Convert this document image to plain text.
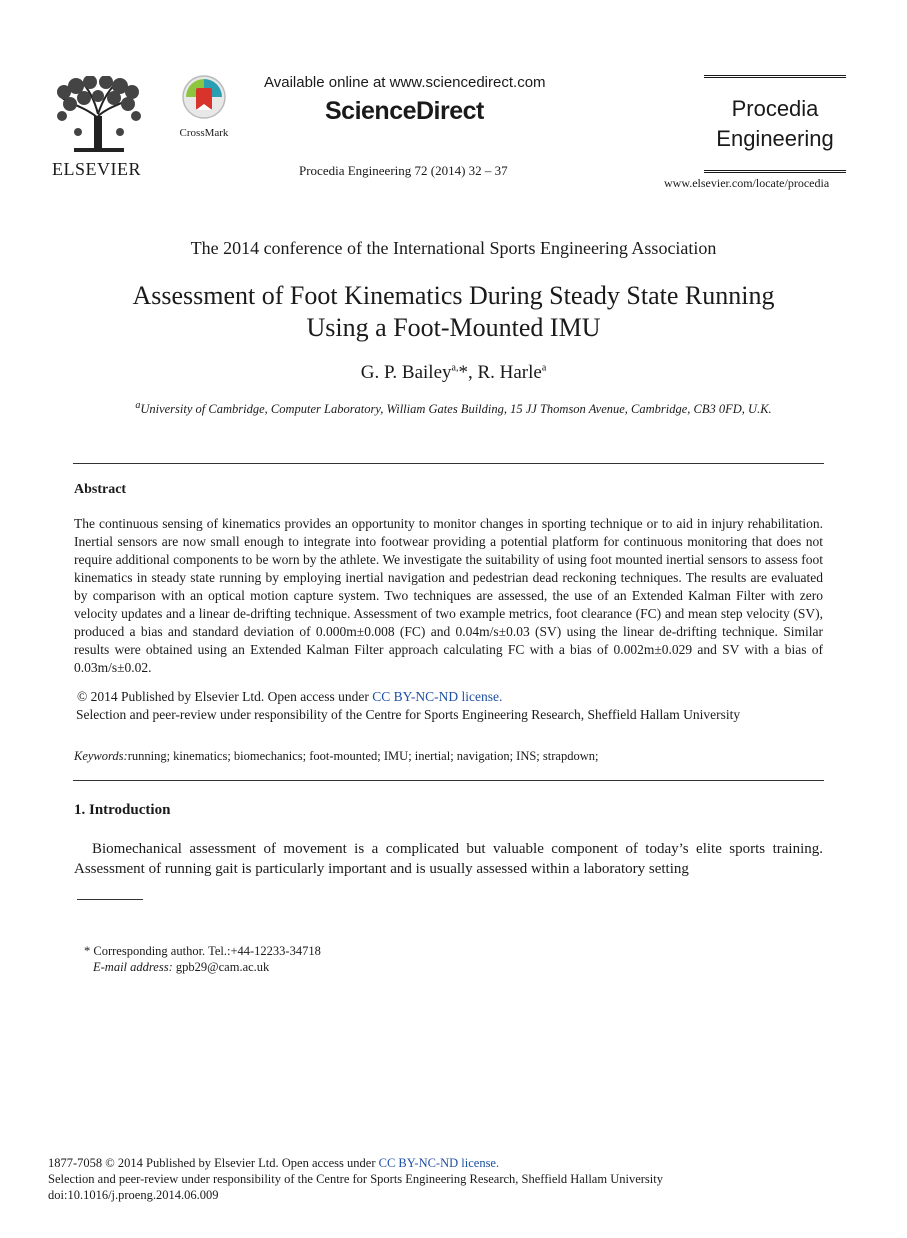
ELSEVIER
CrossMark
Available online at www.sciencedirect.com
ScienceDirect
Procedia Engineering 72 (2014) 32 – 37
Procedia
Engineering
www.elsevier.com/locate/procedia
The 2014 conference of the International Sports Engineering Association
Assessment of Foot Kinematics During Steady State Running
Using a Foot-Mounted IMU
G. P. Bailey$^{a,}$*, R. Harle$^a$
$^a$University of Cambridge, Computer Laboratory, William Gates Building, 15 JJ Thomson Avenue, Cambridge, CB3 0FD, U.K.
Abstract

The continuous sensing of kinematics provides an opportunity to monitor changes in sporting technique or to aid in injury rehabilitation. Inertial sensors are now small enough to integrate into footwear providing a potential platform for continuous monitoring that does not require additional components to be worn by the athlete. We investigate the suitability of using foot mounted inertial sensors to assess foot kinematics in steady state running by employing inertial navigation and pedestrian dead reckoning techniques. The results are evaluated by comparison with an optical motion capture system. Two techniques are assessed, the use of an Extended Kalman Filter with zero velocity updates and a linear de-drifting technique. Assessment of two example metrics, foot clearance (FC) and mean step velocity (SV), produced a bias and standard deviation of 0.000m±0.008 (FC) and 0.04m/s±0.03 (SV) using the linear de-drifting technique. Similar results were obtained using an Extended Kalman Filter approach calculating FC with a bias of 0.002m±0.029 and SV with a bias of 0.03m/s±0.02.

© 2014 Published by Elsevier Ltd. Open access under CC BY-NC-ND license.
Selection and peer-review under responsibility of the Centre for Sports Engineering Research, Sheffield Hallam University
Keywords:running; kinematics; biomechanics; foot-mounted; IMU; inertial; navigation; INS; strapdown;
1. Introduction

Biomechanical assessment of movement is a complicated but valuable component of today’s elite sports training. Assessment of running gait is particularly important and is usually assessed within a laboratory setting

* Corresponding author. Tel.:+44-12233-34718
E-mail address: gpb29@cam.ac.uk
1877-7058 © 2014 Published by Elsevier Ltd. Open access under CC BY-NC-ND license.
Selection and peer-review under responsibility of the Centre for Sports Engineering Research, Sheffield Hallam University
doi:10.1016/j.proeng.2014.06.009
